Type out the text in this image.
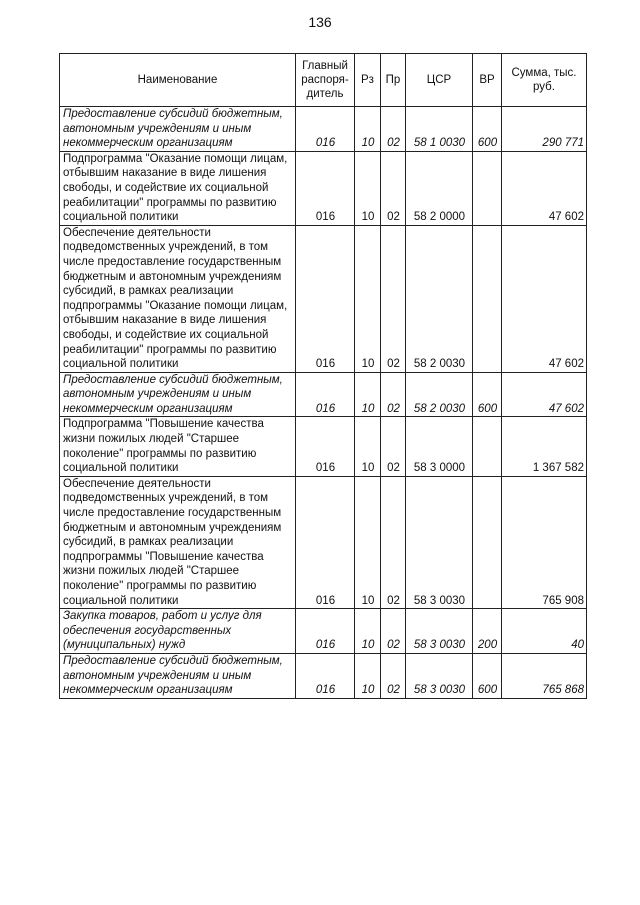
136
Наименование	Главный распоря-дитель	Рз	Пр	ЦСР	ВР	Сумма, тыс. руб.
Предоставление субсидий бюджетным, автономным учреждениям и иным некоммерческим организациям	016	10	02	58 1 0030	600	290 771
Подпрограмма "Оказание помощи лицам, отбывшим наказание в виде лишения свободы, и содействие их социальной реабилитации" программы по развитию социальной политики	016	10	02	58 2 0000		47 602
Обеспечение деятельности подведомственных учреждений, в том числе предоставление государственным бюджетным и автономным учреждениям субсидий, в рамках реализации подпрограммы "Оказание помощи лицам, отбывшим наказание в виде лишения свободы, и содействие их социальной реабилитации" программы по развитию социальной политики	016	10	02	58 2 0030		47 602
Предоставление субсидий бюджетным, автономным учреждениям и иным некоммерческим организациям	016	10	02	58 2 0030	600	47 602
Подпрограмма "Повышение качества жизни пожилых людей "Старшее поколение" программы по развитию социальной политики	016	10	02	58 3 0000		1 367 582
Обеспечение деятельности подведомственных учреждений, в том числе предоставление государственным бюджетным и автономным учреждениям субсидий, в рамках реализации подпрограммы "Повышение качества жизни пожилых людей "Старшее поколение" программы по развитию социальной политики	016	10	02	58 3 0030		765 908
Закупка товаров, работ и услуг для обеспечения государственных (муниципальных) нужд	016	10	02	58 3 0030	200	40
Предоставление субсидий бюджетным, автономным учреждениям и иным некоммерческим организациям	016	10	02	58 3 0030	600	765 868
